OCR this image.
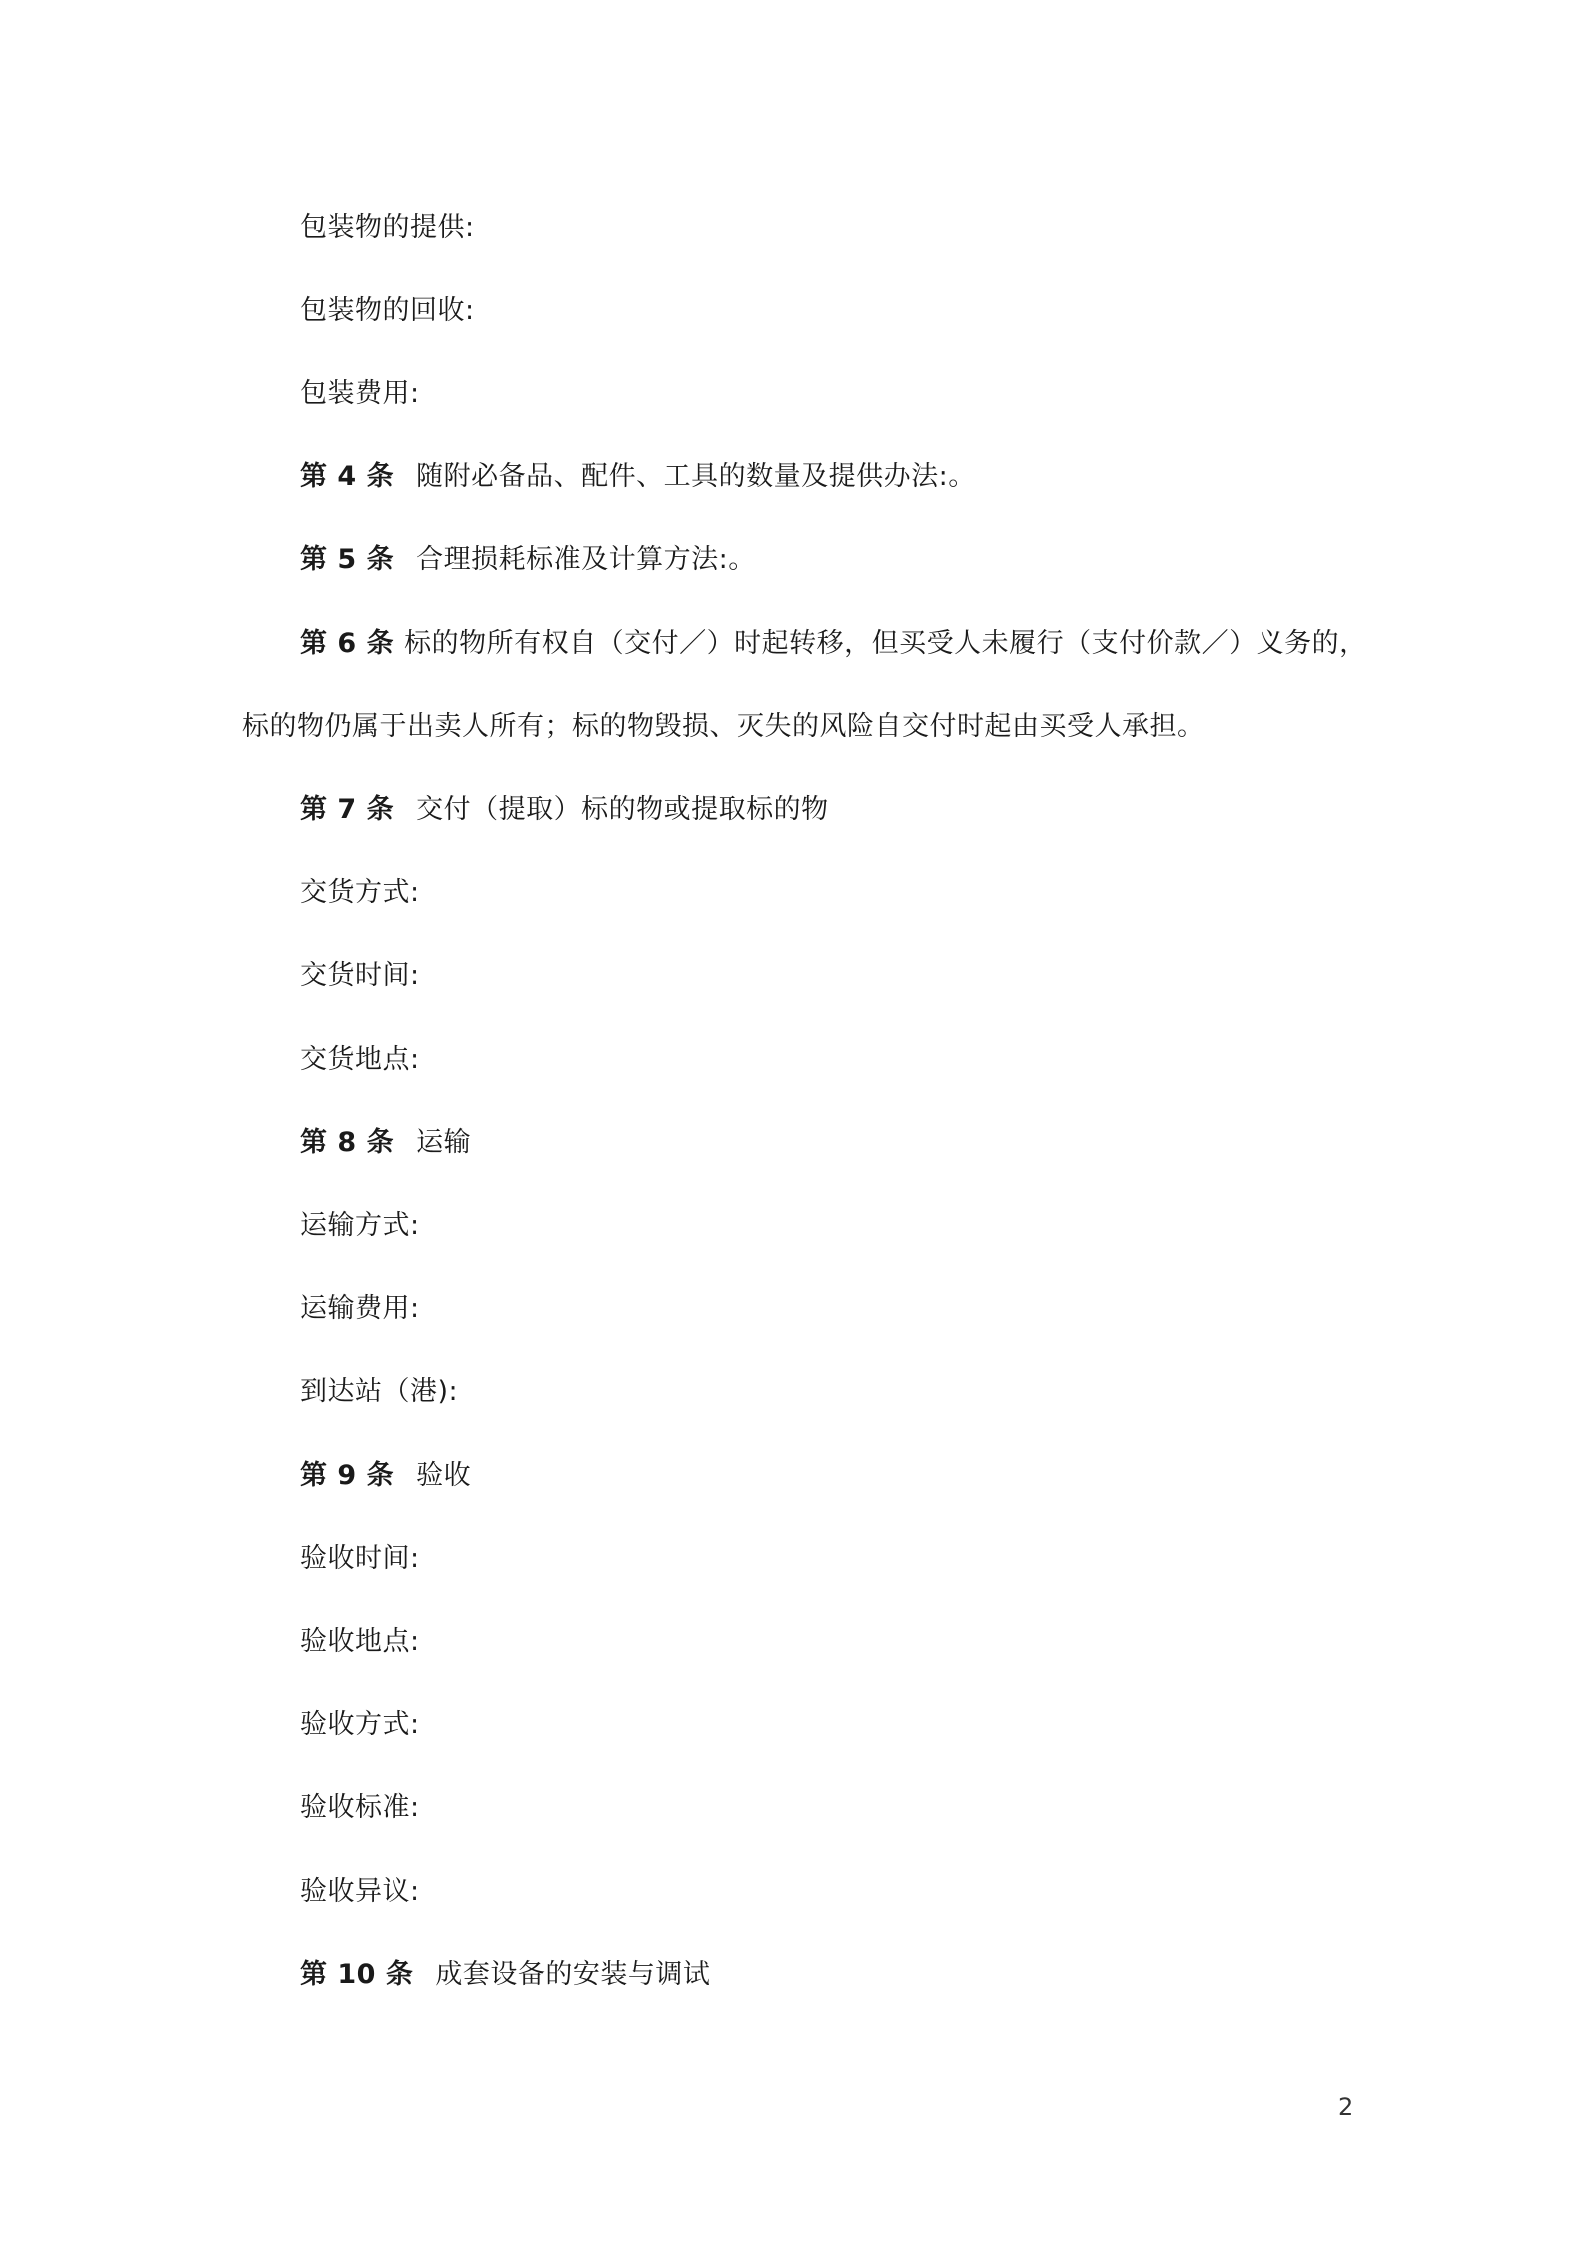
包装物的提供:
包装物的回收:
包装费用:
第 4 条 随附必备品、配件、工具的数量及提供办法:。
第 5 条 合理损耗标准及计算方法:。
第 6 条 标的物所有权自（交付／）时起转移，但买受人未履行（支付价款／）义务的，
标的物仍属于出卖人所有；标的物毁损、灭失的风险自交付时起由买受人承担。
第 7 条 交付（提取）标的物或提取标的物
交货方式:
交货时间:
交货地点:
第 8 条 运输
运输方式:
运输费用:
到达站（港):
第 9 条 验收
验收时间:
验收地点:
验收方式:
验收标准:
验收异议:
第 10 条 成套设备的安装与调试
2
